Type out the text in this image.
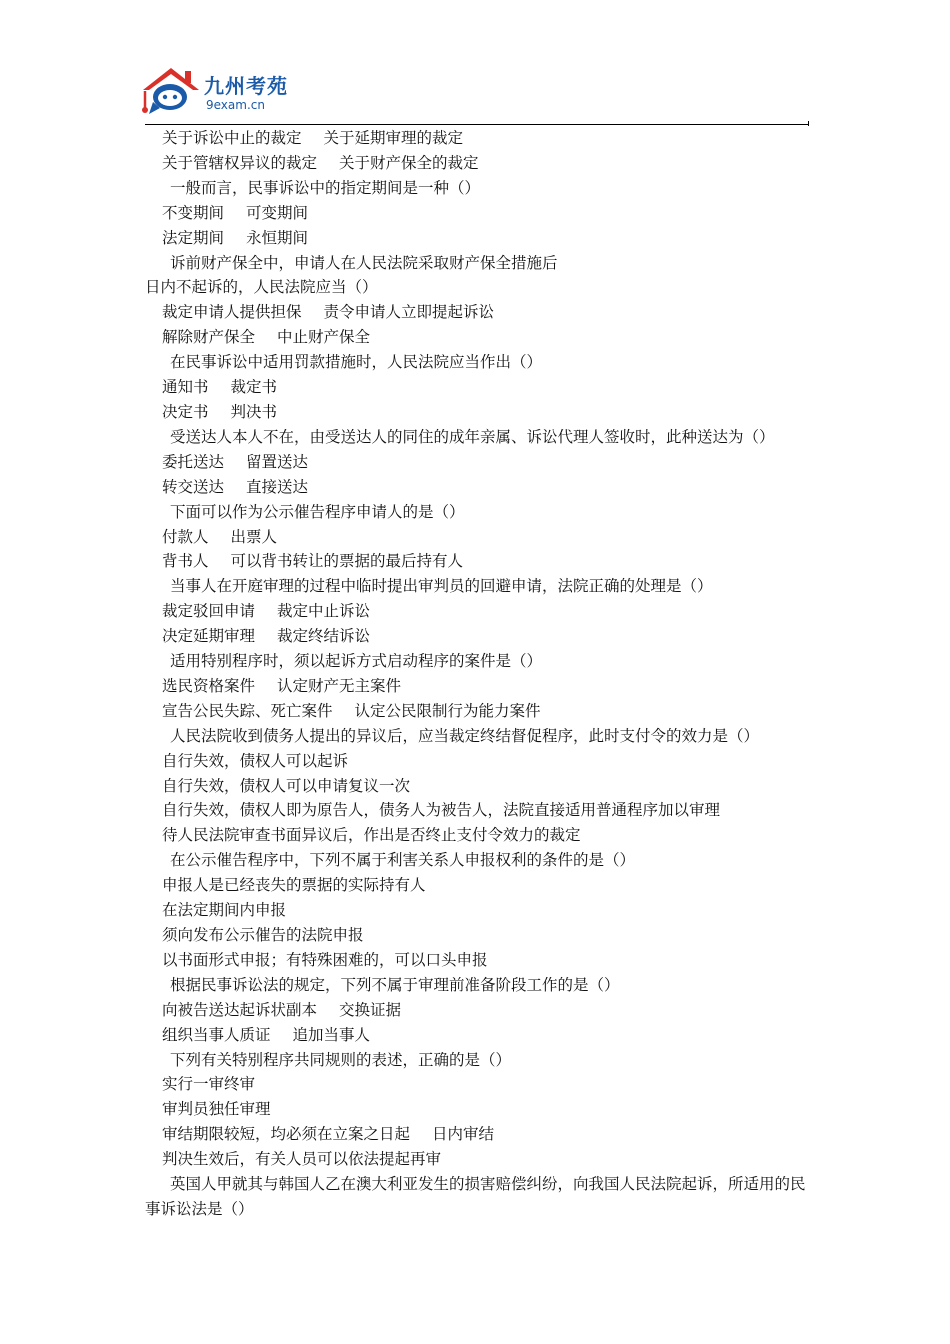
九州考苑
9exam.cn
关于诉讼中止的裁定 关于延期审理的裁定
关于管辖权异议的裁定 关于财产保全的裁定
一般而言，民事诉讼中的指定期间是一种（）
不变期间 可变期间
法定期间 永恒期间
诉前财产保全中，申请人在人民法院采取财产保全措施后日内不起诉的，人民法院应当（）
裁定申请人提供担保 责令申请人立即提起诉讼
解除财产保全 中止财产保全
在民事诉讼中适用罚款措施时，人民法院应当作出（）
通知书 裁定书
决定书 判决书
受送达人本人不在，由受送达人的同住的成年亲属、诉讼代理人签收时，此种送达为（）
委托送达 留置送达
转交送达 直接送达
下面可以作为公示催告程序申请人的是（）
付款人 出票人
背书人 可以背书转让的票据的最后持有人
当事人在开庭审理的过程中临时提出审判员的回避申请，法院正确的处理是（）
裁定驳回申请 裁定中止诉讼
决定延期审理 裁定终结诉讼
适用特别程序时，须以起诉方式启动程序的案件是（）
选民资格案件 认定财产无主案件
宣告公民失踪、死亡案件 认定公民限制行为能力案件
人民法院收到债务人提出的异议后，应当裁定终结督促程序，此时支付令的效力是（）
自行失效，债权人可以起诉
自行失效，债权人可以申请复议一次
自行失效，债权人即为原告人，债务人为被告人，法院直接适用普通程序加以审理
待人民法院审查书面异议后，作出是否终止支付令效力的裁定
在公示催告程序中，下列不属于利害关系人申报权利的条件的是（）
申报人是已经丧失的票据的实际持有人
在法定期间内申报
须向发布公示催告的法院申报
以书面形式申报；有特殊困难的，可以口头申报
根据民事诉讼法的规定，下列不属于审理前准备阶段工作的是（）
向被告送达起诉状副本 交换证据
组织当事人质证 追加当事人
下列有关特别程序共同规则的表述，正确的是（）
实行一审终审
审判员独任审理
审结期限较短，均必须在立案之日起 日内审结
判决生效后，有关人员可以依法提起再审
英国人甲就其与韩国人乙在澳大利亚发生的损害赔偿纠纷，向我国人民法院起诉，所适用的民事诉讼法是（）
